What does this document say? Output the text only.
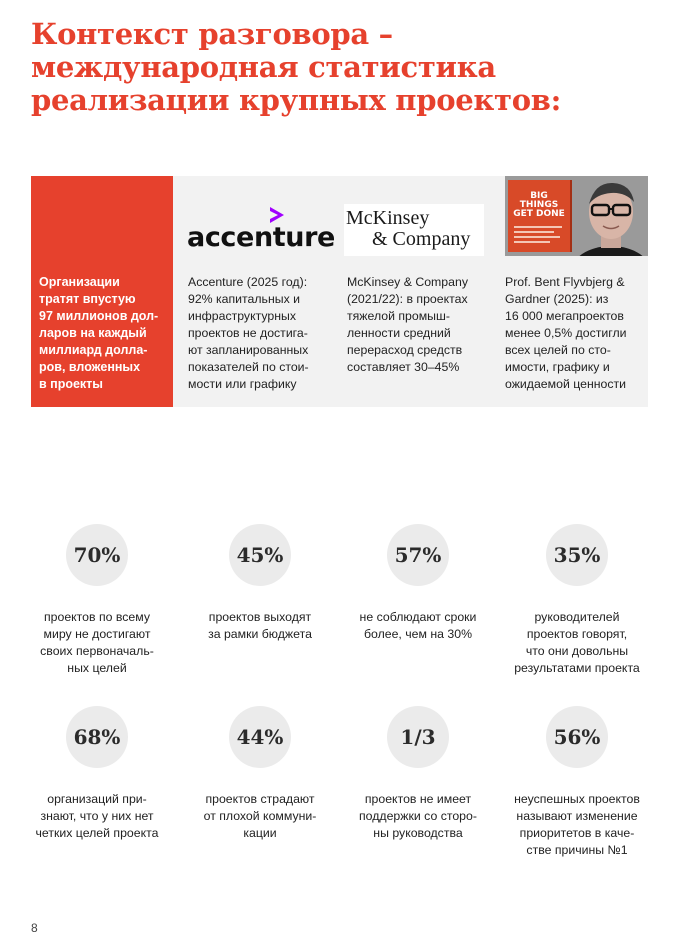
Контекст разговора –
международная статистика
реализации крупных проектов:
Организации
тратят впустую
97 миллионов дол-
ларов на каждый
миллиард долла-
ров, вложенных
в проекты
accenture
McKinsey
& Company
BIG
THINGS
GET DONE
Accenture (2025 год):
92% капитальных и
инфраструктурных
проектов не достига-
ют запланированных
показателей по стои-
мости или графику
McKinsey & Company
(2021/22): в проектах
тяжелой промыш-
ленности средний
перерасход средств
составляет 30–45%
Prof. Bent Flyvbjerg &
Gardner (2025): из
16 000 мегапроектов
менее 0,5% достигли
всех целей по сто-
имости, графику и
ожидаемой ценности
70%
проектов по всему
миру не достигают
своих первоначаль-
ных целей
45%
проектов выходят
за рамки бюджета
57%
не соблюдают сроки
более, чем на 30%
35%
руководителей
проектов говорят,
что они довольны
результатами проекта
68%
организаций при-
знают, что у них нет
четких целей проекта
44%
проектов страдают
от плохой коммуни-
кации
1/3
проектов не имеет
поддержки со сторо-
ны руководства
56%
неуспешных проектов
называют изменение
приоритетов в каче-
стве причины №1
8
